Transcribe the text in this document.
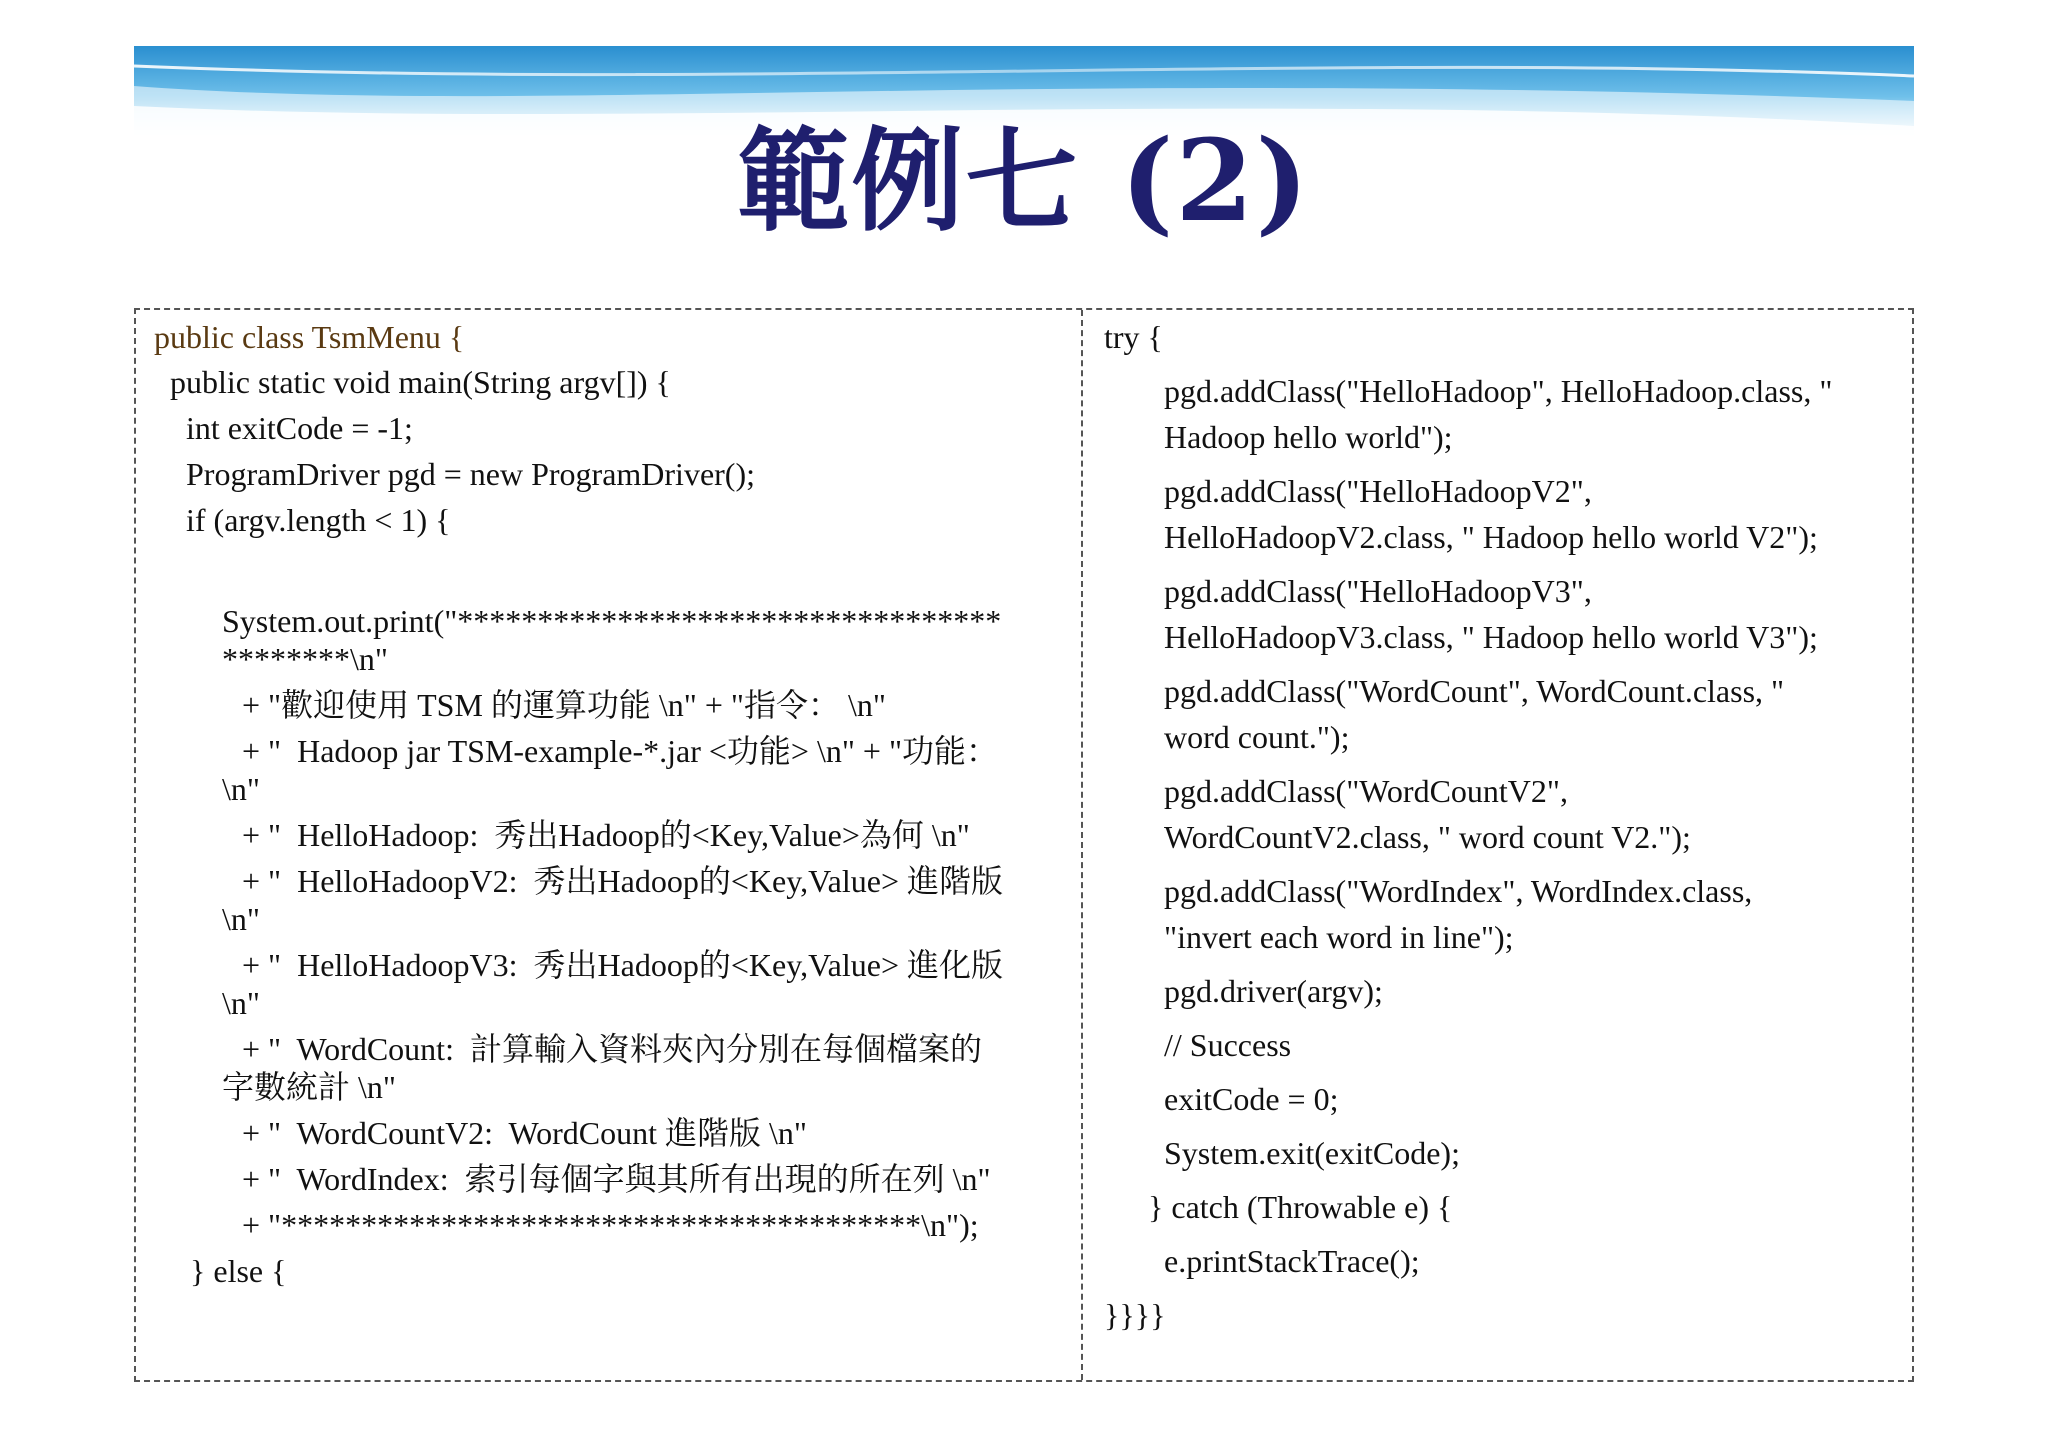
範例七 (2)
public class TsmMenu {
public static void main(String argv[]) {
int exitCode = -1;
ProgramDriver pgd = new ProgramDriver();
if (argv.length < 1) {
System.out.print("**********************************
********\n"
+ "歡迎使用 TSM 的運算功能 \n" + "指令： \n"
+ "  Hadoop jar TSM-example-*.jar <功能> \n" + "功能：
\n"
+ "  HelloHadoop:  秀出Hadoop的<Key,Value>為何 \n"
+ "  HelloHadoopV2:  秀出Hadoop的<Key,Value> 進階版
\n"
+ "  HelloHadoopV3:  秀出Hadoop的<Key,Value> 進化版
\n"
+ "  WordCount:  計算輸入資料夾內分別在每個檔案的
字數統計 \n"
+ "  WordCountV2:  WordCount 進階版 \n"
+ "  WordIndex:  索引每個字與其所有出現的所在列 \n"
+ "****************************************\n");
} else {
try {
pgd.addClass("HelloHadoop", HelloHadoop.class, "
Hadoop hello world");
pgd.addClass("HelloHadoopV2",
HelloHadoopV2.class, " Hadoop hello world V2");
pgd.addClass("HelloHadoopV3",
HelloHadoopV3.class, " Hadoop hello world V3");
pgd.addClass("WordCount", WordCount.class, "
word count.");
pgd.addClass("WordCountV2",
WordCountV2.class, " word count V2.");
pgd.addClass("WordIndex", WordIndex.class,
"invert each word in line");
pgd.driver(argv);
// Success
exitCode = 0;
System.exit(exitCode);
} catch (Throwable e) {
e.printStackTrace();
}}}}
